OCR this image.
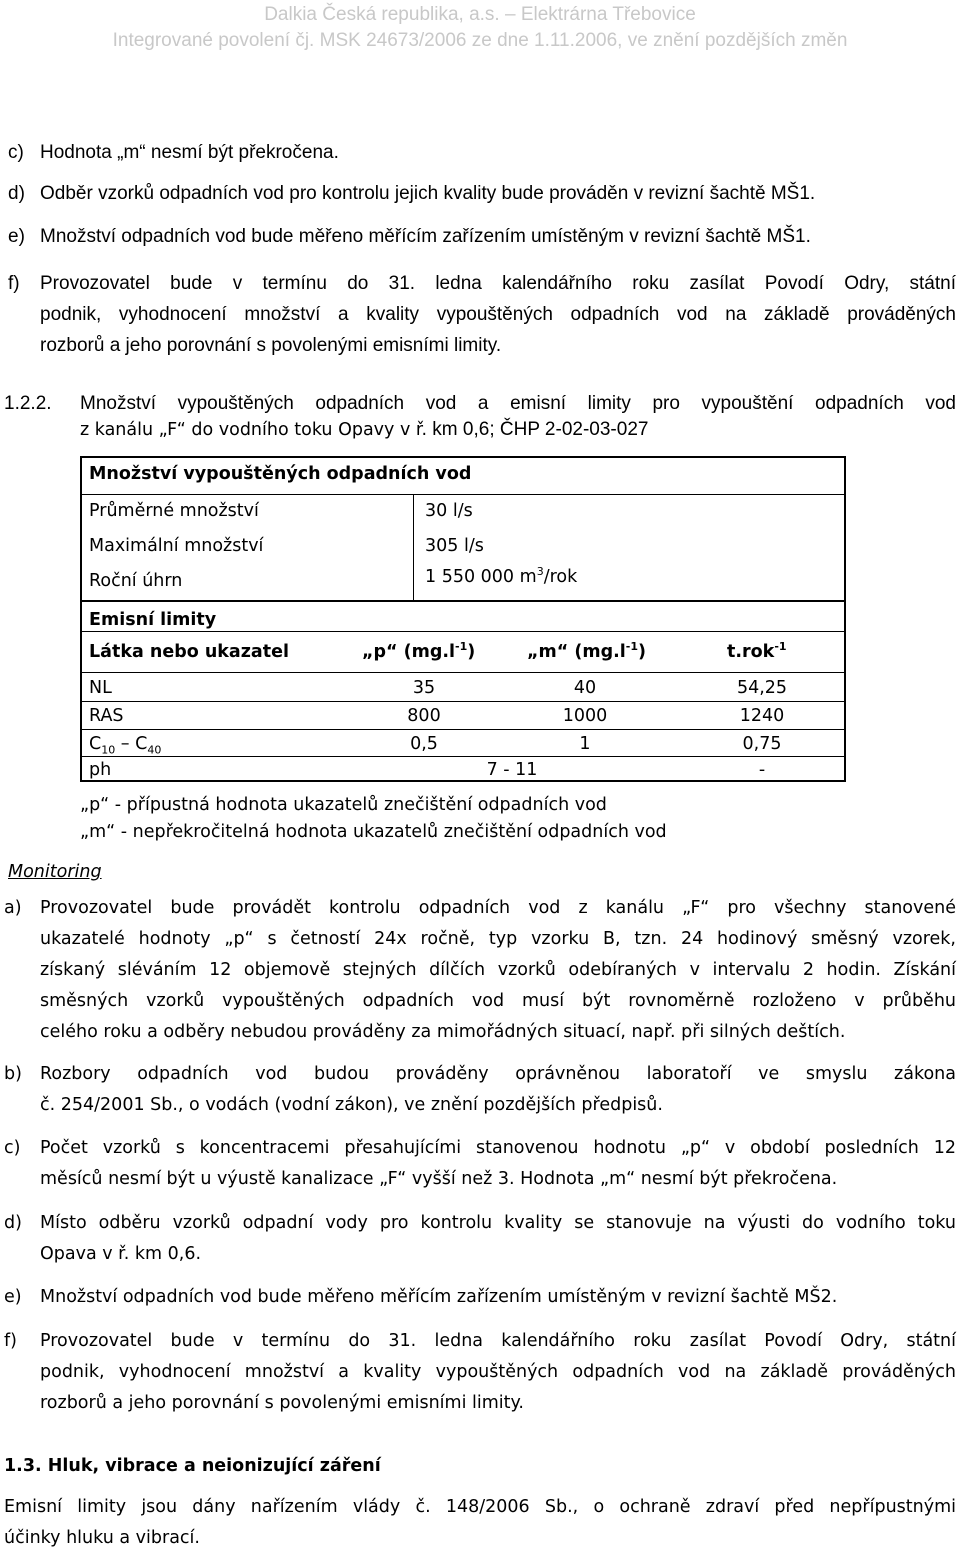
Dalkia Česká republika, a.s. – Elektrárna Třebovice
Integrované povolení čj. MSK 24673/2006 ze dne 1.11.2006, ve znění pozdějších změn
c) Hodnota „m“ nesmí být překročena.
d) Odběr vzorků odpadních vod pro kontrolu jejich kvality bude prováděn v revizní šachtě MŠ1.
e) Množství odpadních vod bude měřeno měřícím zařízením umístěným v revizní šachtě MŠ1.
f) Provozovatel bude v termínu do 31. ledna kalendářního roku zasílat Povodí Odry, státní
podnik, vyhodnocení množství a kvality vypouštěných odpadních vod na základě prováděných
rozborů a jeho porovnání s povolenými emisními limity.
1.2.2. Množství vypouštěných odpadních vod a emisní limity pro vypouštění odpadních vod
z kanálu „F“ do vodního toku Opavy v ř. km 0,6; ČHP 2-02-03-027
Množství vypouštěných odpadních vod
Průměrné množství	30 l/s
Maximální množství	305 l/s
Roční úhrn	1 550 000 $m^3$/rok
Emisní limity
Látka nebo ukazatel	„p“ $(mg.l^{-1})$	„m“ $(mg.l^{-1})$	t.rok$^{-1}$
NL	35	40	54,25
RAS	800	1000	1240
$C_{10} - C_{40}$	0,5	1	0,75
ph	7 - 11	-
„p“ - přípustná hodnota ukazatelů znečištění odpadních vod
„m“ - nepřekročitelná hodnota ukazatelů znečištění odpadních vod
Monitoring
a) Provozovatel bude provádět kontrolu odpadních vod z kanálu „F“ pro všechny stanovené
ukazatelé hodnoty „p“ s četností 24x ročně, typ vzorku B, tzn. 24 hodinový směsný vzorek,
získaný sléváním 12 objemově stejných dílčích vzorků odebíraných v intervalu 2 hodin. Získání
směsných vzorků vypouštěných odpadních vod musí být rovnoměrně rozloženo v průběhu
celého roku a odběry nebudou prováděny za mimořádných situací, např. při silných deštích.
b) Rozbory odpadních vod budou prováděny oprávněnou laboratoří ve smyslu zákona
č. 254/2001 Sb., o vodách (vodní zákon), ve znění pozdějších předpisů.
c) Počet vzorků s koncentracemi přesahujícími stanovenou hodnotu „p“ v období posledních 12
měsíců nesmí být u výustě kanalizace „F“ vyšší než 3. Hodnota „m“ nesmí být překročena.
d) Místo odběru vzorků odpadní vody pro kontrolu kvality se stanovuje na výusti do vodního toku
Opava v ř. km 0,6.
e) Množství odpadních vod bude měřeno měřícím zařízením umístěným v revizní šachtě MŠ2.
f) Provozovatel bude v termínu do 31. ledna kalendářního roku zasílat Povodí Odry, státní
podnik, vyhodnocení množství a kvality vypouštěných odpadních vod na základě prováděných
rozborů a jeho porovnání s povolenými emisními limity.
1.3. Hluk, vibrace a neionizující záření
Emisní limity jsou dány nařízením vlády č. 148/2006 Sb., o ochraně zdraví před nepřípustnými
účinky hluku a vibrací.
